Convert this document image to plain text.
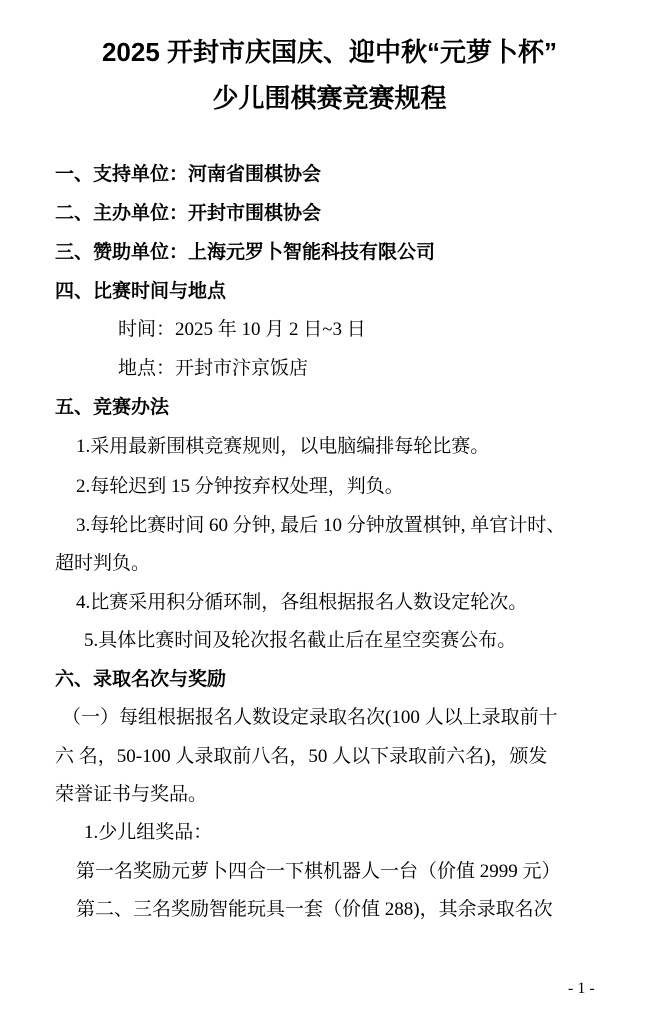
2025 开封市庆国庆、迎中秋“元萝卜杯”
少儿围棋赛竞赛规程
一、支持单位：河南省围棋协会
二、主办单位：开封市围棋协会
三、赞助单位：上海元罗卜智能科技有限公司
四、比赛时间与地点
时间：2025 年 10 月 2 日~3 日
地点：开封市汴京饭店
五、竞赛办法
1.采用最新围棋竞赛规则，以电脑编排每轮比赛。
2.每轮迟到 15 分钟按弃权处理，判负。
3.每轮比赛时间 60 分钟, 最后 10 分钟放置棋钟, 单官计时、
超时判负。
4.比赛采用积分循环制，各组根据报名人数设定轮次。
5.具体比赛时间及轮次报名截止后在星空奕赛公布。
六、录取名次与奖励
（一）每组根据报名人数设定录取名次(100 人以上录取前十
六 名，50-100 人录取前八名，50 人以下录取前六名)，颁发
荣誉证书与奖品。
1.少儿组奖品：
第一名奖励元萝卜四合一下棋机器人一台（价值 2999 元）
第二、三名奖励智能玩具一套（价值 288)，其余录取名次
- 1 -
